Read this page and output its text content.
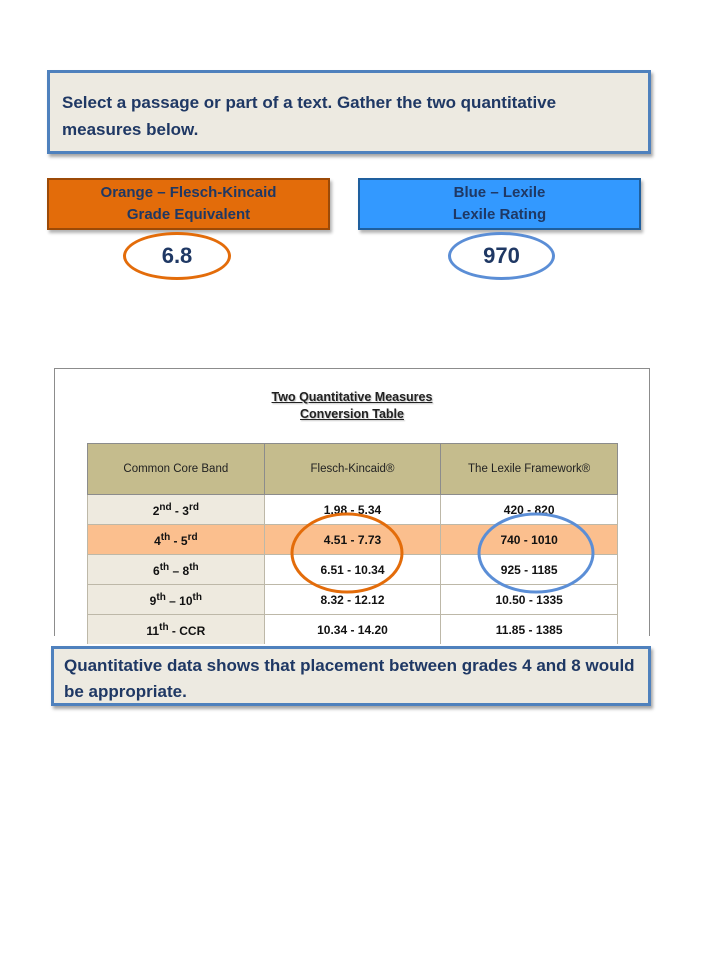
Select a passage or part of a text. Gather the two quantitative measures below.
Orange – Flesch-Kincaid
Grade Equivalent
Blue – Lexile
Lexile Rating
6.8	970
Two Quantitative Measures
Conversion Table
Common Core Band	Flesch-Kincaid®	The Lexile Framework®
2nd - 3rd	1.98 - 5.34	420 - 820
4th - 5rd	4.51 - 7.73	740 - 1010
6th – 8th	6.51 - 10.34	925 - 1185
9th – 10th	8.32 - 12.12	10.50 - 1335
11th - CCR	10.34 - 14.20	11.85 - 1385
Quantitative data shows that placement between grades 4 and 8 would be appropriate.
